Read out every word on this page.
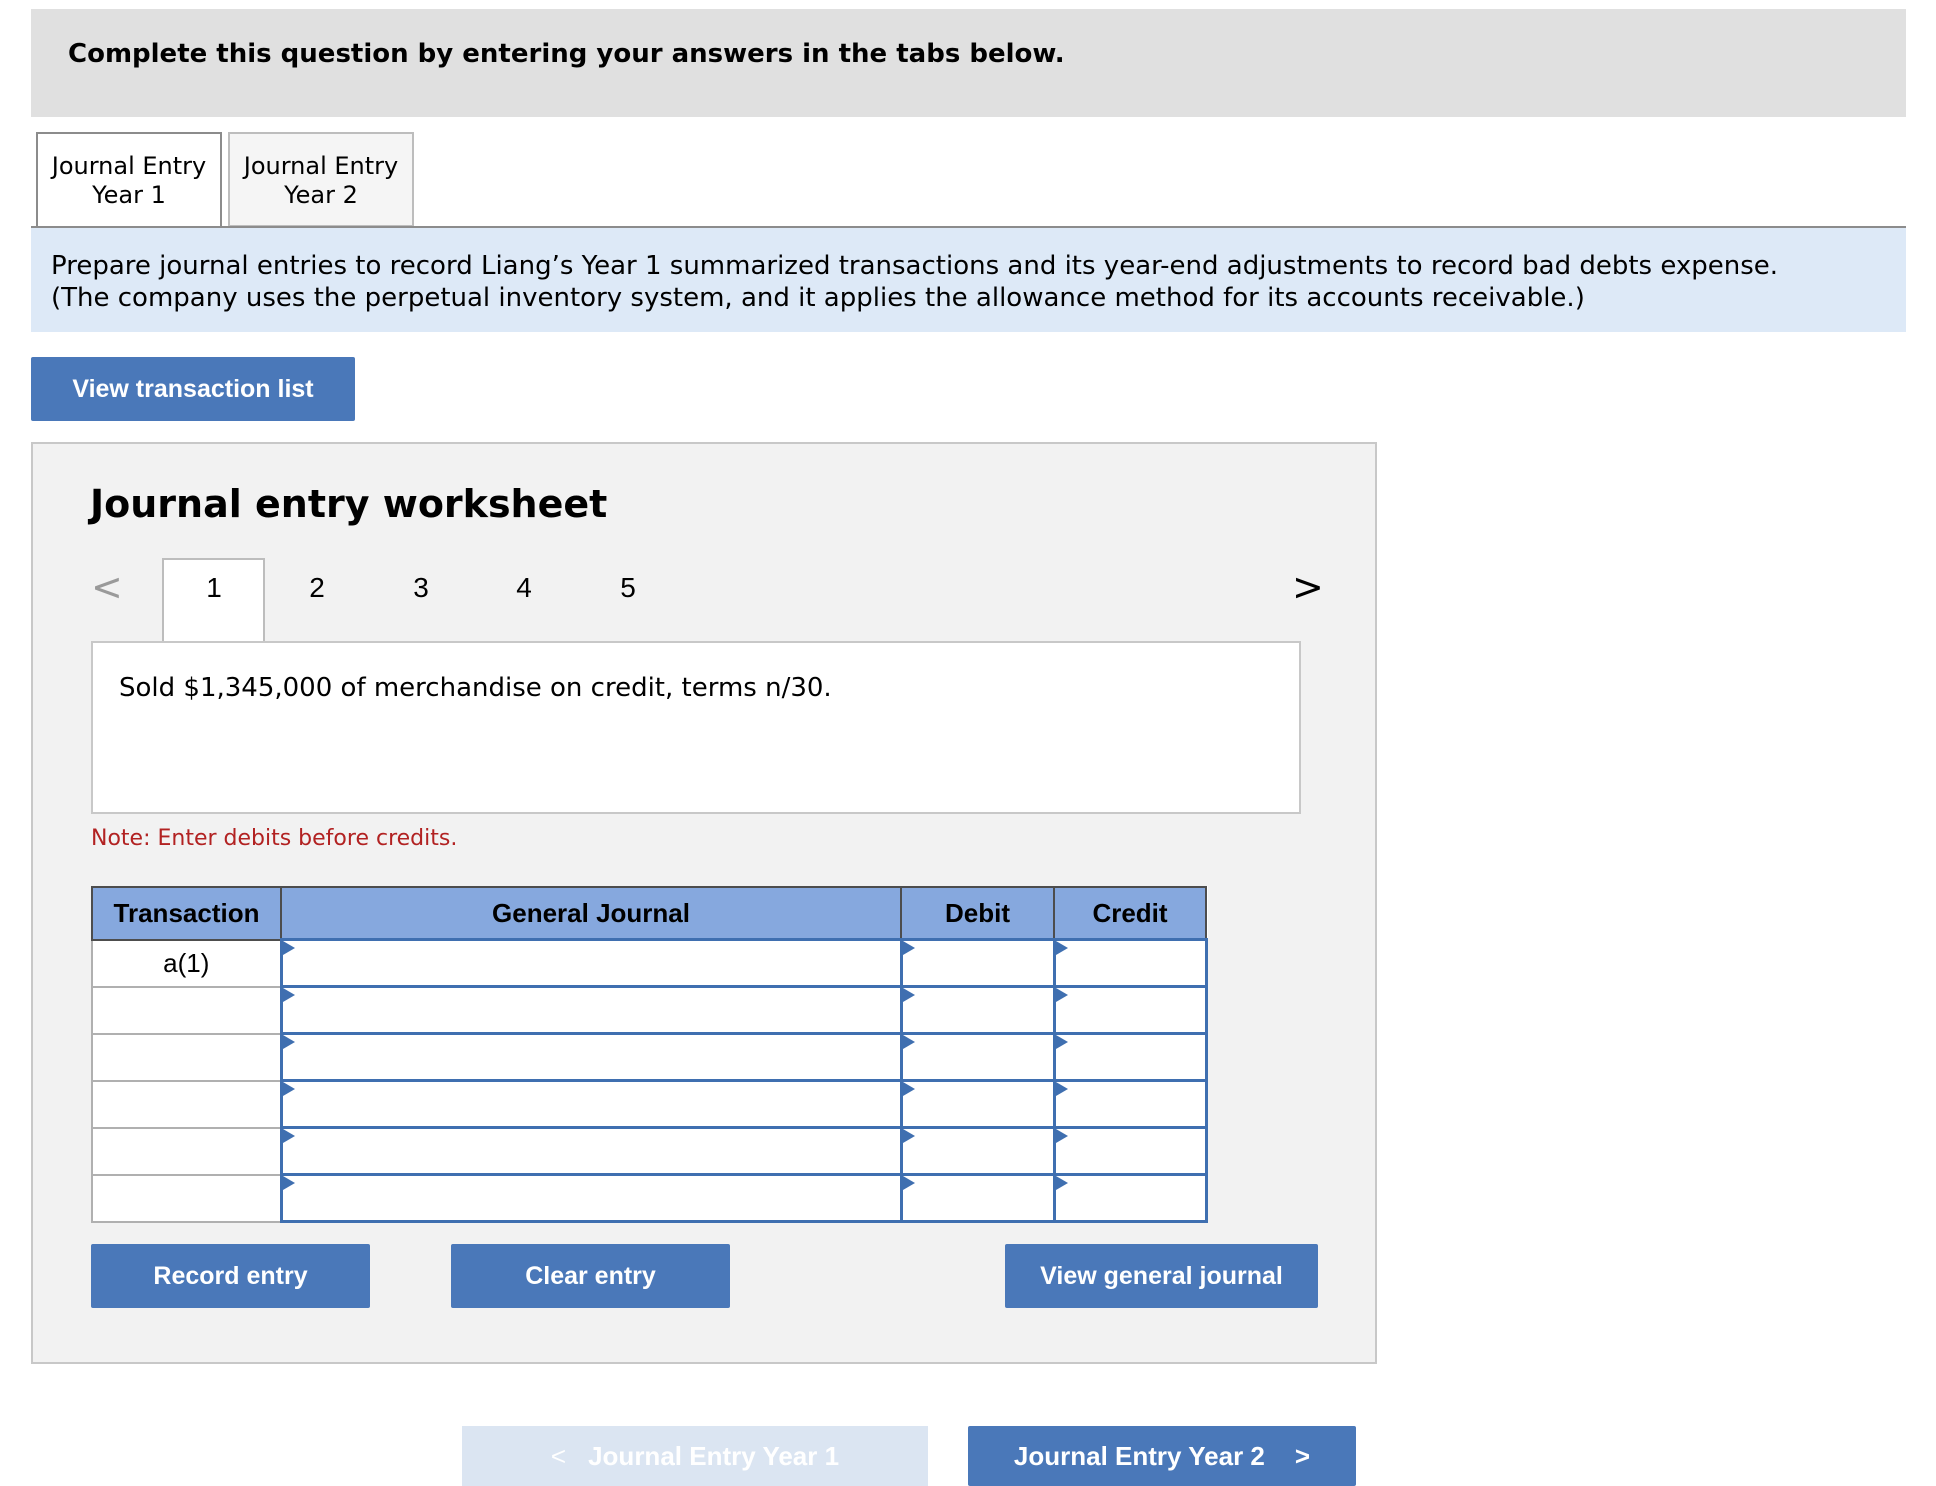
Complete this question by entering your answers in the tabs below.
Journal Entry
Year 1
Journal Entry
Year 2
Prepare journal entries to record Liang’s Year 1 summarized transactions and its year-end adjustments to record bad debts expense.
(The company uses the perpetual inventory system, and it applies the allowance method for its accounts receivable.)
View transaction list
Journal entry worksheet
<	1	2	3	4	5	>
Sold $1,345,000 of merchandise on credit, terms n/30.
Note: Enter debits before credits.
Transaction	General Journal	Debit	Credit
a(1)	

Record entry	Clear entry	View general journal
< Journal Entry Year 1	Journal Entry Year 2 >
